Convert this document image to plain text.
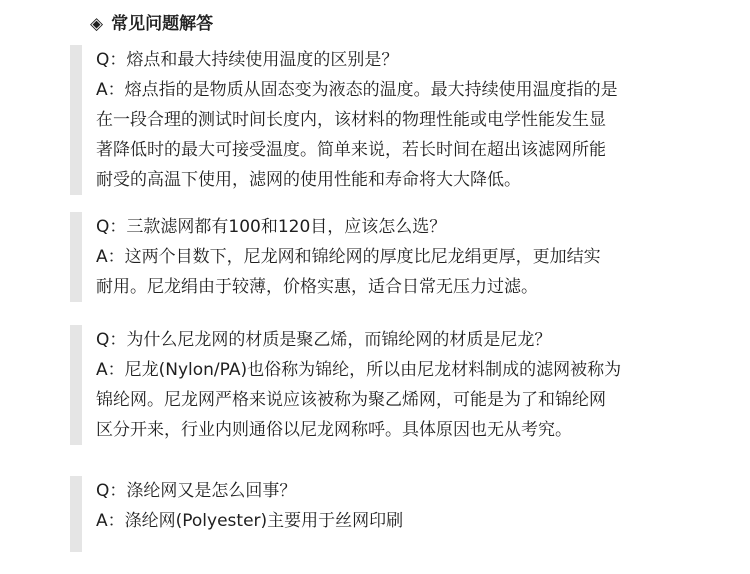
◈ 常见问题解答

Q：熔点和最大持续使用温度的区别是？

A：熔点指的是物质从固态变为液态的温度。最大持续使用温度指的是

在一段合理的测试时间长度内，该材料的物理性能或电学性能发生显

著降低时的最大可接受温度。简单来说，若长时间在超出该滤网所能

耐受的高温下使用，滤网的使用性能和寿命将大大降低。

Q：三款滤网都有100和120目，应该怎么选？

A：这两个目数下，尼龙网和锦纶网的厚度比尼龙绢更厚，更加结实

耐用。尼龙绢由于较薄，价格实惠，适合日常无压力过滤。

Q：为什么尼龙网的材质是聚乙烯，而锦纶网的材质是尼龙？

A：尼龙(Nylon/PA)也俗称为锦纶，所以由尼龙材料制成的滤网被称为

锦纶网。尼龙网严格来说应该被称为聚乙烯网，可能是为了和锦纶网

区分开来，行业内则通俗以尼龙网称呼。具体原因也无从考究。

Q：涤纶网又是怎么回事？

A：涤纶网(Polyester)主要用于丝网印刷
